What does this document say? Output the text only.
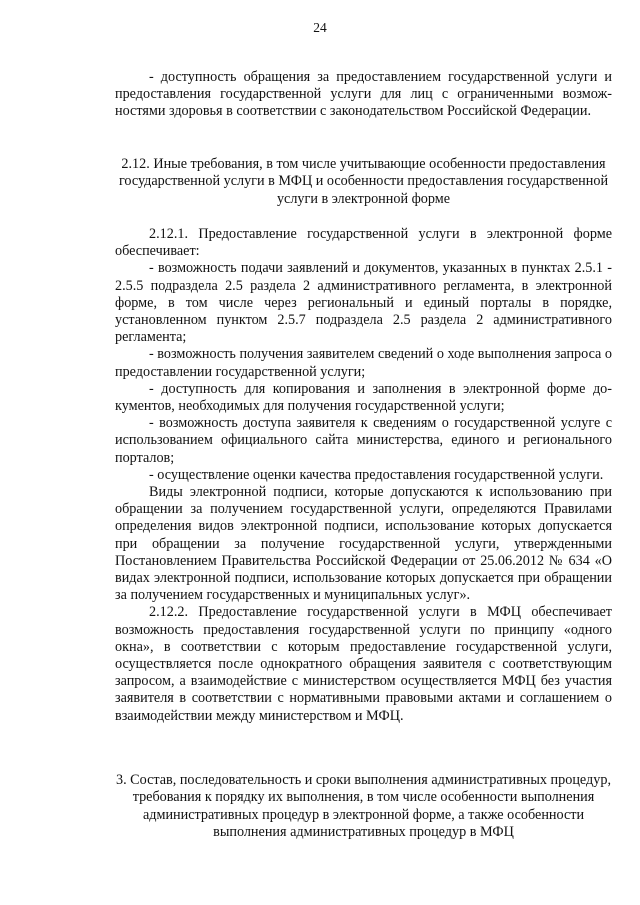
24

- доступность обращения за предоставлением государственной услуги и предоставления государственной услуги для лиц с ограниченными возможностями здоровья в соответствии с законодательством Российской Федерации.

2.12. Иные требования, в том числе учитывающие особенности предоставления государственной услуги в МФЦ и особенности предоставления государственной услуги в электронной форме

2.12.1. Предоставление государственной услуги в электронной форме обеспечивает:

- возможность подачи заявлений и документов, указанных в пунктах 2.5.1 - 2.5.5 подраздела 2.5 раздела 2 административного регламента, в электронной форме, в том числе через региональный и единый порталы в порядке, установленном пунктом 2.5.7 подраздела 2.5 раздела 2 административного регламента;

- возможность получения заявителем сведений о ходе выполнения запроса о предоставлении государственной услуги;

- доступность для копирования и заполнения в электронной форме документов, необходимых для получения государственной услуги;

- возможность доступа заявителя к сведениям о государственной услуге с использованием официального сайта министерства, единого и регионального порталов;

- осуществление оценки качества предоставления государственной услуги.

Виды электронной подписи, которые допускаются к использованию при обращении за получением государственной услуги, определяются Правилами определения видов электронной подписи, использование которых допускается при обращении за получение государственной услуги, утвержденными Постановлением Правительства Российской Федерации от 25.06.2012 № 634 «О видах электронной подписи, использование которых допускается при обращении за получением государственных и муниципальных услуг».

2.12.2. Предоставление государственной услуги в МФЦ обеспечивает возможность предоставления государственной услуги по принципу «одного окна», в соответствии с которым предоставление государственной услуги, осуществляется после однократного обращения заявителя с соответствующим запросом, а взаимодействие с министерством осуществляется МФЦ без участия заявителя в соответствии с нормативными правовыми актами и соглашением о взаимодействии между министерством и МФЦ.

3. Состав, последовательность и сроки выполнения административных процедур, требования к порядку их выполнения, в том числе особенности выполнения административных процедур в электронной форме, а также особенности выполнения административных процедур в МФЦ
